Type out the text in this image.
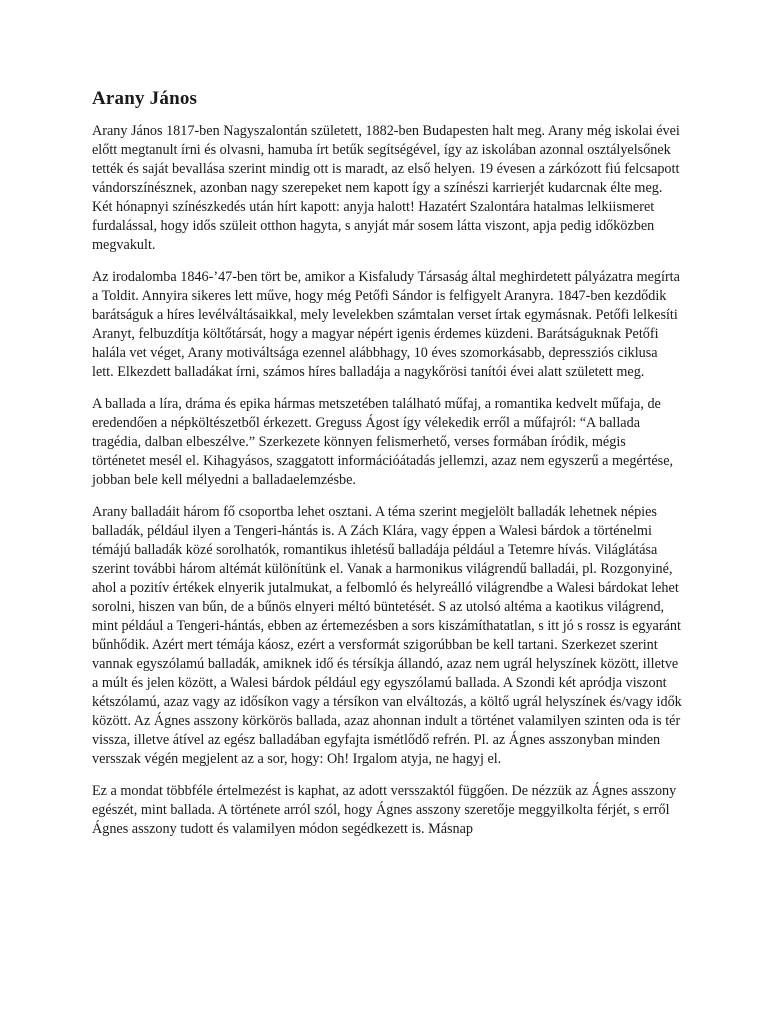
Arany János

Arany János 1817-ben Nagyszalontán született, 1882-ben Budapesten halt meg. Arany még iskolai évei előtt megtanult írni és olvasni, hamuba írt betűk segítségével, így az iskolában azonnal osztályelsőnek tették és saját bevallása szerint mindig ott is maradt, az első helyen. 19 évesen a zárkózott fiú felcsapott vándorszínésznek, azonban nagy szerepeket nem kapott így a színészi karrierjét kudarcnak élte meg. Két hónapnyi színészkedés után hírt kapott: anyja halott! Hazatért Szalontára hatalmas lelkiismeret furdalással, hogy idős szüleit otthon hagyta, s anyját már sosem látta viszont, apja pedig időközben megvakult.

Az irodalomba 1846-’47-ben tört be, amikor a Kisfaludy Társaság által meghirdetett pályázatra megírta a Toldit. Annyira sikeres lett műve, hogy még Petőfi Sándor is felfigyelt Aranyra. 1847-ben kezdődik barátságuk a híres levélváltásaikkal, mely levelekben számtalan verset írtak egymásnak. Petőfi lelkesíti Aranyt, felbuzdítja költőtársát, hogy a magyar népért igenis érdemes küzdeni. Barátságuknak Petőfi halála vet véget, Arany motiváltsága ezennel alábbhagy, 10 éves szomorkásabb, depressziós ciklusa lett. Elkezdett balladákat írni, számos híres balladája a nagykőrösi tanítói évei alatt született meg.

A ballada a líra, dráma és epika hármas metszetében található műfaj, a romantika kedvelt műfaja, de eredendően a népköltészetből érkezett. Greguss Ágost így vélekedik erről a műfajról: “A ballada tragédia, dalban elbeszélve.” Szerkezete könnyen felismerhető, verses formában íródik, mégis történetet mesél el. Kihagyásos, szaggatott információátadás jellemzi, azaz nem egyszerű a megértése, jobban bele kell mélyedni a balladaelemzésbe.

Arany balladáit három fő csoportba lehet osztani. A téma szerint megjelölt balladák lehetnek népies balladák, például ilyen a Tengeri-hántás is. A Zách Klára, vagy éppen a Walesi bárdok a történelmi témájú balladák közé sorolhatók, romantikus ihletésű balladája például a Tetemre hívás. Világlátása szerint további három altémát különítünk el. Vanak a harmonikus világrendű balladái, pl. Rozgonyiné, ahol a pozitív értékek elnyerik jutalmukat, a felbomló és helyreálló világrendbe a Walesi bárdokat lehet sorolni, hiszen van bűn, de a bűnös elnyeri méltó büntetését. S az utolsó altéma a kaotikus világrend, mint például a Tengeri-hántás, ebben az értemezésben a sors kiszámíthatatlan, s itt jó s rossz is egyaránt bűnhődik. Azért mert témája káosz, ezért a versformát szigorúbban be kell tartani. Szerkezet szerint vannak egyszólamú balladák, amiknek idő és térsíkja állandó, azaz nem ugrál helyszínek között, illetve a múlt és jelen között, a Walesi bárdok például egy egyszólamú ballada. A Szondi két apródja viszont kétszólamú, azaz vagy az idősíkon vagy a térsíkon van elváltozás, a költő ugrál helyszínek és/vagy idők között. Az Ágnes asszony körkörös ballada, azaz ahonnan indult a történet valamilyen szinten oda is tér vissza, illetve átível az egész balladában egyfajta ismétlődő refrén. Pl. az Ágnes asszonyban minden versszak végén megjelent az a sor, hogy: Oh! Irgalom atyja, ne hagyj el.

Ez a mondat többféle értelmezést is kaphat, az adott versszaktól függően. De nézzük az Ágnes asszony egészét, mint ballada. A története arról szól, hogy Ágnes asszony szeretője meggyilkolta férjét, s erről Ágnes asszony tudott és valamilyen módon segédkezett is. Másnap
